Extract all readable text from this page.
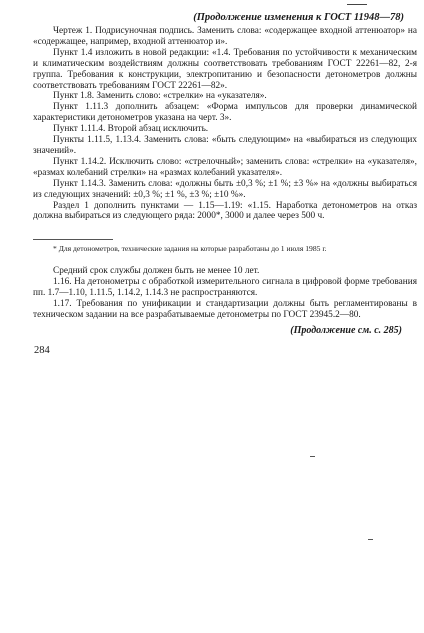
(Продолжение изменения к ГОСТ 11948—78)

Чертеж 1. Подрисуночная подпись. Заменить слова: «содержащее входной аттенюатор» на «содержащее, например, входной аттенюатор и».

Пункт 1.4 изложить в новой редакции: «1.4. Требования по устойчивости к механическим и климатическим воздействиям должны соответствовать требованиям ГОСТ 22261—82, 2-я группа. Требования к конструкции, электропитанию и безопасности детонометров должны соответствовать требованиям ГОСТ 22261—82».

Пункт 1.8. Заменить слово: «стрелки» на «указателя».

Пункт 1.11.3 дополнить абзацем: «Форма импульсов для проверки динамической характеристики детонометров указана на черт. 3».

Пункт 1.11.4. Второй абзац исключить.

Пункты 1.11.5, 1.13.4. Заменить слова: «быть следующим» на «выбираться из следующих значений».

Пункт 1.14.2. Исключить слово: «стрелочный»; заменить слова: «стрелки» на «указателя», «размах колебаний стрелки» на «размах колебаний указателя».

Пункт 1.14.3. Заменить слова: «должны быть ±0,3 %; ±1 %; ±3 %» на «должны выбираться из следующих значений: ±0,3 %; ±1 %, ±3 %; ±10 %».

Раздел 1 дополнить пунктами — 1.15—1.19: «1.15. Наработка детонометров на отказ должна выбираться из следующего ряда: 2000*, 3000 и далее через 500 ч.

* Для детонометров, технические задания на которые разработаны до 1 июля 1985 г.

Средний срок службы должен быть не менее 10 лет.

1.16. На детонометры с обработкой измерительного сигнала в цифровой форме требования пп. 1.7—1.10, 1.11.5, 1.14.2, 1.14.3 не распространяются.

1.17. Требования по унификации и стандартизации должны быть регламентированы в техническом задании на все разрабатываемые детонометры по ГОСТ 23945.2—80.

(Продолжение см. с. 285)
284
